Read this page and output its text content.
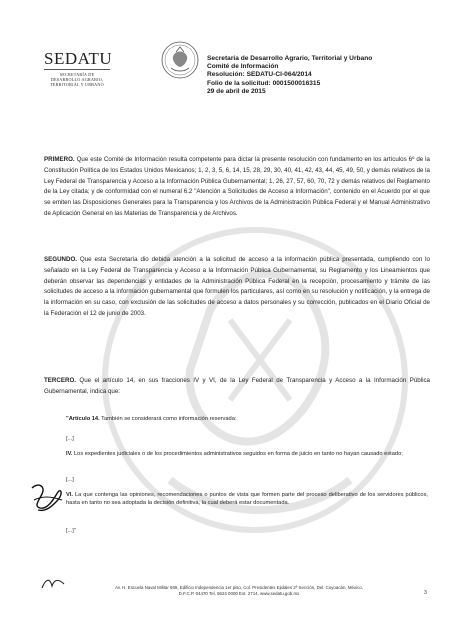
SEDATU
SECRETARÍA DE
DESARROLLO AGRARIO,
TERRITORIAL Y URBANO
Secretaría de Desarrollo Agrario, Territorial y Urbano
Comité de Información
Resolución: SEDATU-CI-064/2014
Folio de la solicitud: 0001500016315
29 de abril de 2015
PRIMERO. Que este Comité de Información resulta competente para dictar la presente resolución con fundamento en los artículos 6º de la Constitución Política de los Estados Unidos Mexicanos; 1, 2, 3, 5, 6, 14, 15, 28, 29, 30, 40, 41, 42, 43, 44, 45, 49, 50, y demás relativos de la Ley Federal de Transparencia y Acceso a la Información Pública Gubernamental; 1, 26, 27, 57, 60, 70, 72 y demás relativos del Reglamento de la Ley citada; y de conformidad con el numeral 6.2 "Atención a Solicitudes de Acceso a Información", contenido en el Acuerdo por el que se emiten las Disposiciones Generales para la Transparencia y los Archivos de la Administración Pública Federal y el Manual Administrativo de Aplicación General en las Materias de Transparencia y de Archivos.
SEGUNDO. Que esta Secretaría dio debida atención a la solicitud de acceso a la información pública presentada, cumpliendo con lo señalado en la Ley Federal de Transparencia y Acceso a la Información Pública Gubernamental, su Reglamento y los Lineamientos que deberán observar las dependencias y entidades de la Administración Pública Federal en la recepción, procesamiento y trámite de las solicitudes de acceso a la información gubernamental que formulen los particulares, así como en su resolución y notificación, y la entrega de la información en su caso, con exclusión de las solicitudes de acceso a datos personales y su corrección, publicados en el Diario Oficial de la Federación el 12 de junio de 2003.
TERCERO. Que el artículo 14, en sus fracciones IV y VI, de la Ley Federal de Transparencia y Acceso a la Información Pública Gubernamental, indica que:
"Artículo 14. También se considerará como información reservada:
[...]
IV. Los expedientes judiciales o de los procedimientos administrativos seguidos en forma de juicio en tanto no hayan causado estado;
[...]
VI. La que contenga las opiniones, recomendaciones o puntos de vista que formen parte del proceso deliberativo de los servidores públicos, hasta en tanto no sea adoptada la decisión definitiva, la cual deberá estar documentada.
[...]"
Av. H. Escuela Naval Militar 669, Edificio Independencia 1er piso, Col. Presidentes Ejidales 2ª Sección, Del. Coyoacán, México,
D.F.C.P. 04470 Tel. 5624 0000 Ext. 2714, www.sedatu.gob.mx	3
